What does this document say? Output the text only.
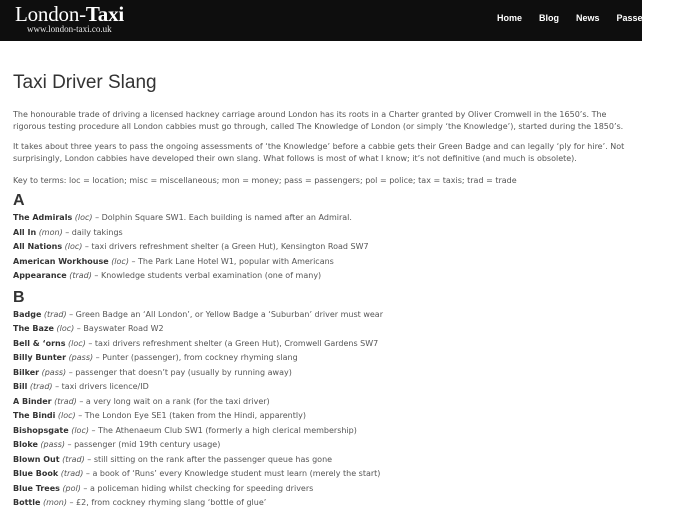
London-Taxi
www.london-taxi.co.uk
Home Blog News Passengers
Taxi Driver Slang

The honourable trade of driving a licensed hackney carriage around London has its roots in a Charter granted by Oliver Cromwell in the 1650’s. The rigorous testing procedure all London cabbies must go through, called The Knowledge of London (or simply ‘the Knowledge’), started during the 1850’s.

It takes about three years to pass the ongoing assessments of ‘the Knowledge’ before a cabbie gets their Green Badge and can legally ‘ply for hire’. Not surprisingly, London cabbies have developed their own slang. What follows is most of what I know; it’s not definitive (and much is obsolete).

Key to terms: loc = location; misc = miscellaneous; mon = money; pass = passengers; pol = police; tax = taxis; trad = trade

A
The Admirals (loc) – Dolphin Square SW1. Each building is named after an Admiral.
All In (mon) – daily takings
All Nations (loc) – taxi drivers refreshment shelter (a Green Hut), Kensington Road SW7
American Workhouse (loc) – The Park Lane Hotel W1, popular with Americans
Appearance (trad) – Knowledge students verbal examination (one of many)
B
Badge (trad) – Green Badge an ‘All London’, or Yellow Badge a ‘Suburban’ driver must wear
The Baze (loc) – Bayswater Road W2
Bell & ‘orns (loc) – taxi drivers refreshment shelter (a Green Hut), Cromwell Gardens SW7
Billy Bunter (pass) – Punter (passenger), from cockney rhyming slang
Bilker (pass) – passenger that doesn’t pay (usually by running away)
Bill (trad) – taxi drivers licence/ID
A Binder (trad) – a very long wait on a rank (for the taxi driver)
The Bindi (loc) – The London Eye SE1 (taken from the Hindi, apparently)
Bishopsgate (loc) – The Athenaeum Club SW1 (formerly a high clerical membership)
Bloke (pass) – passenger (mid 19th century usage)
Blown Out (trad) – still sitting on the rank after the passenger queue has gone
Blue Book (trad) – a book of ‘Runs’ every Knowledge student must learn (merely the start)
Blue Trees (pol) – a policeman hiding whilst checking for speeding drivers
Bottle (mon) – £2, from cockney rhyming slang ‘bottle of glue’
